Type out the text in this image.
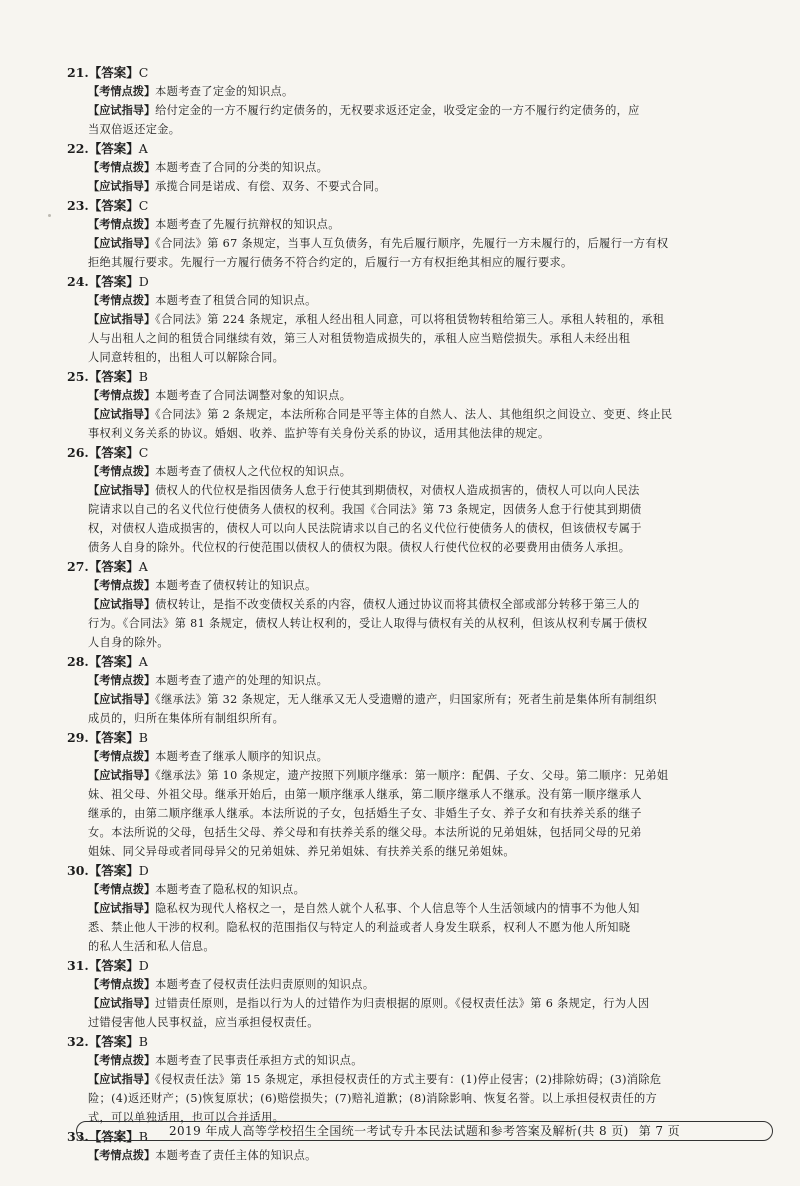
21.【答案】C
【考情点拨】本题考查了定金的知识点。
【应试指导】给付定金的一方不履行约定债务的，无权要求返还定金，收受定金的一方不履行约定债务的，应
当双倍返还定金。
22.【答案】A
【考情点拨】本题考查了合同的分类的知识点。
【应试指导】承揽合同是诺成、有偿、双务、不要式合同。
23.【答案】C
【考情点拨】本题考查了先履行抗辩权的知识点。
【应试指导】《合同法》第 67 条规定，当事人互负债务，有先后履行顺序，先履行一方未履行的，后履行一方有权
拒绝其履行要求。先履行一方履行债务不符合约定的，后履行一方有权拒绝其相应的履行要求。
24.【答案】D
【考情点拨】本题考查了租赁合同的知识点。
【应试指导】《合同法》第 224 条规定，承租人经出租人同意，可以将租赁物转租给第三人。承租人转租的，承租
人与出租人之间的租赁合同继续有效，第三人对租赁物造成损失的，承租人应当赔偿损失。承租人未经出租
人同意转租的，出租人可以解除合同。
25.【答案】B
【考情点拨】本题考查了合同法调整对象的知识点。
【应试指导】《合同法》第 2 条规定，本法所称合同是平等主体的自然人、法人、其他组织之间设立、变更、终止民
事权利义务关系的协议。婚姻、收养、监护等有关身份关系的协议，适用其他法律的规定。
26.【答案】C
【考情点拨】本题考查了债权人之代位权的知识点。
【应试指导】债权人的代位权是指因债务人怠于行使其到期债权，对债权人造成损害的，债权人可以向人民法
院请求以自己的名义代位行使债务人债权的权利。我国《合同法》第 73 条规定，因债务人怠于行使其到期债
权，对债权人造成损害的，债权人可以向人民法院请求以自己的名义代位行使债务人的债权，但该债权专属于
债务人自身的除外。代位权的行使范围以债权人的债权为限。债权人行使代位权的必要费用由债务人承担。
27.【答案】A
【考情点拨】本题考查了债权转让的知识点。
【应试指导】债权转让，是指不改变债权关系的内容，债权人通过协议而将其债权全部或部分转移于第三人的
行为。《合同法》第 81 条规定，债权人转让权利的，受让人取得与债权有关的从权利，但该从权利专属于债权
人自身的除外。
28.【答案】A
【考情点拨】本题考查了遗产的处理的知识点。
【应试指导】《继承法》第 32 条规定，无人继承又无人受遗赠的遗产，归国家所有；死者生前是集体所有制组织
成员的，归所在集体所有制组织所有。
29.【答案】B
【考情点拨】本题考查了继承人顺序的知识点。
【应试指导】《继承法》第 10 条规定，遗产按照下列顺序继承：第一顺序：配偶、子女、父母。第二顺序：兄弟姐
妹、祖父母、外祖父母。继承开始后，由第一顺序继承人继承，第二顺序继承人不继承。没有第一顺序继承人
继承的，由第二顺序继承人继承。本法所说的子女，包括婚生子女、非婚生子女、养子女和有扶养关系的继子
女。本法所说的父母，包括生父母、养父母和有扶养关系的继父母。本法所说的兄弟姐妹，包括同父母的兄弟
姐妹、同父异母或者同母异父的兄弟姐妹、养兄弟姐妹、有扶养关系的继兄弟姐妹。
30.【答案】D
【考情点拨】本题考查了隐私权的知识点。
【应试指导】隐私权为现代人格权之一，是自然人就个人私事、个人信息等个人生活领域内的情事不为他人知
悉、禁止他人干涉的权利。隐私权的范围指仅与特定人的利益或者人身发生联系，权利人不愿为他人所知晓
的私人生活和私人信息。
31.【答案】D
【考情点拨】本题考查了侵权责任法归责原则的知识点。
【应试指导】过错责任原则，是指以行为人的过错作为归责根据的原则。《侵权责任法》第 6 条规定，行为人因
过错侵害他人民事权益，应当承担侵权责任。
32.【答案】B
【考情点拨】本题考查了民事责任承担方式的知识点。
【应试指导】《侵权责任法》第 15 条规定，承担侵权责任的方式主要有：(1)停止侵害；(2)排除妨碍；(3)消除危
险；(4)返还财产；(5)恢复原状；(6)赔偿损失；(7)赔礼道歉；(8)消除影响、恢复名誉。以上承担侵权责任的方
式，可以单独适用，也可以合并适用。
33.【答案】B
【考情点拨】本题考查了责任主体的知识点。
2019 年成人高等学校招生全国统一考试专升本民法试题和参考答案及解析(共 8 页) 第 7 页
